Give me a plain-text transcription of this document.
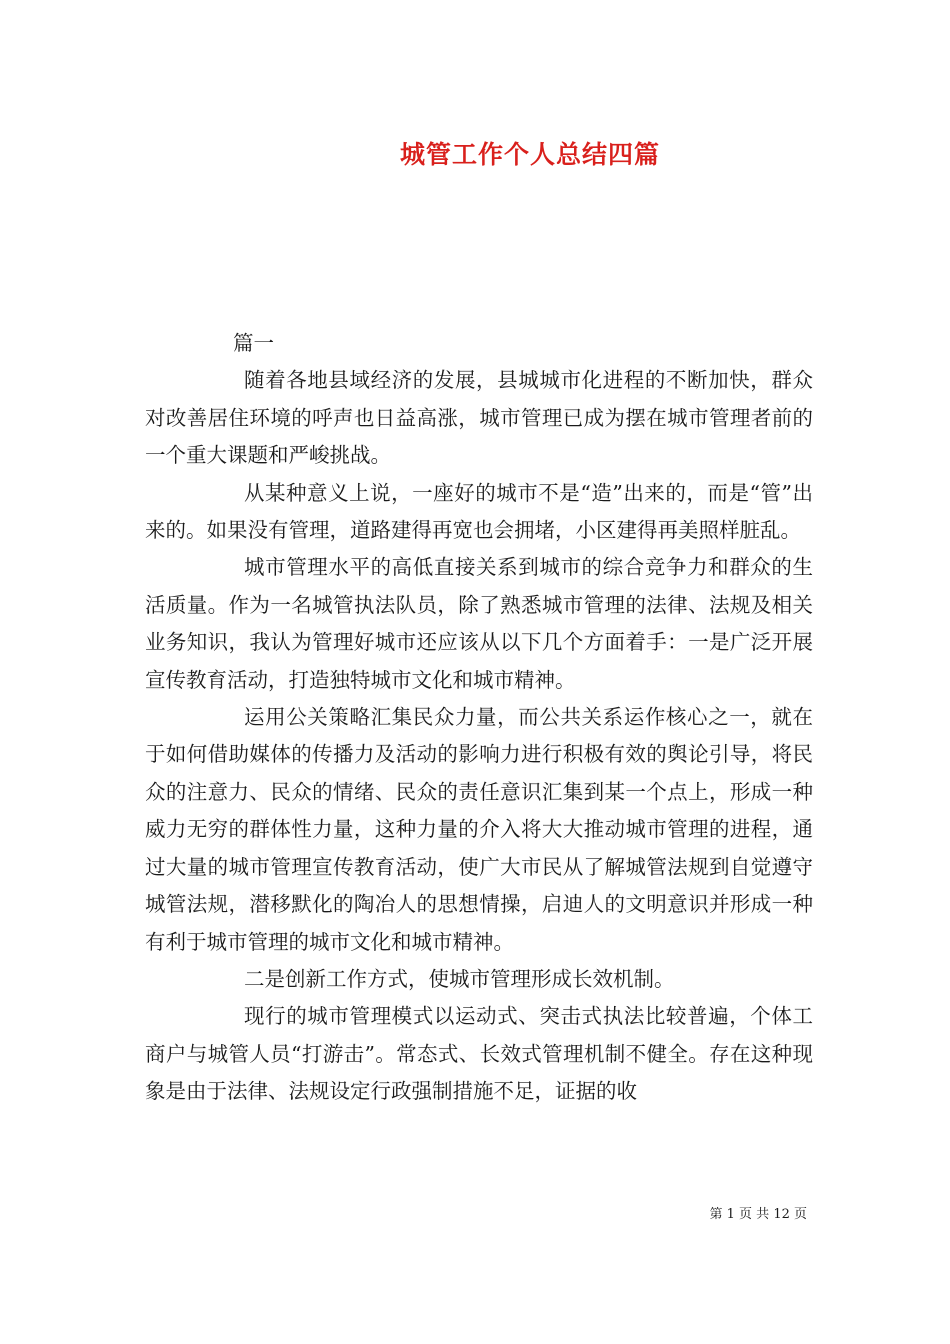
城管工作个人总结四篇

篇一

随着各地县域经济的发展，县城城市化进程的不断加快，群众对改善居住环境的呼声也日益高涨，城市管理已成为摆在城市管理者前的一个重大课题和严峻挑战。

从某种意义上说，一座好的城市不是“造”出来的，而是“管”出来的。如果没有管理，道路建得再宽也会拥堵，小区建得再美照样脏乱。

城市管理水平的高低直接关系到城市的综合竞争力和群众的生活质量。作为一名城管执法队员，除了熟悉城市管理的法律、法规及相关业务知识，我认为管理好城市还应该从以下几个方面着手：一是广泛开展宣传教育活动，打造独特城市文化和城市精神。

运用公关策略汇集民众力量，而公共关系运作核心之一，就在于如何借助媒体的传播力及活动的影响力进行积极有效的舆论引导，将民众的注意力、民众的情绪、民众的责任意识汇集到某一个点上，形成一种威力无穷的群体性力量，这种力量的介入将大大推动城市管理的进程，通过大量的城市管理宣传教育活动，使广大市民从了解城管法规到自觉遵守城管法规，潜移默化的陶冶人的思想情操，启迪人的文明意识并形成一种有利于城市管理的城市文化和城市精神。

二是创新工作方式，使城市管理形成长效机制。

现行的城市管理模式以运动式、突击式执法比较普遍，个体工商户与城管人员“打游击”。常态式、长效式管理机制不健全。存在这种现象是由于法律、法规设定行政强制措施不足，证据的收

第 1 页 共 12 页
